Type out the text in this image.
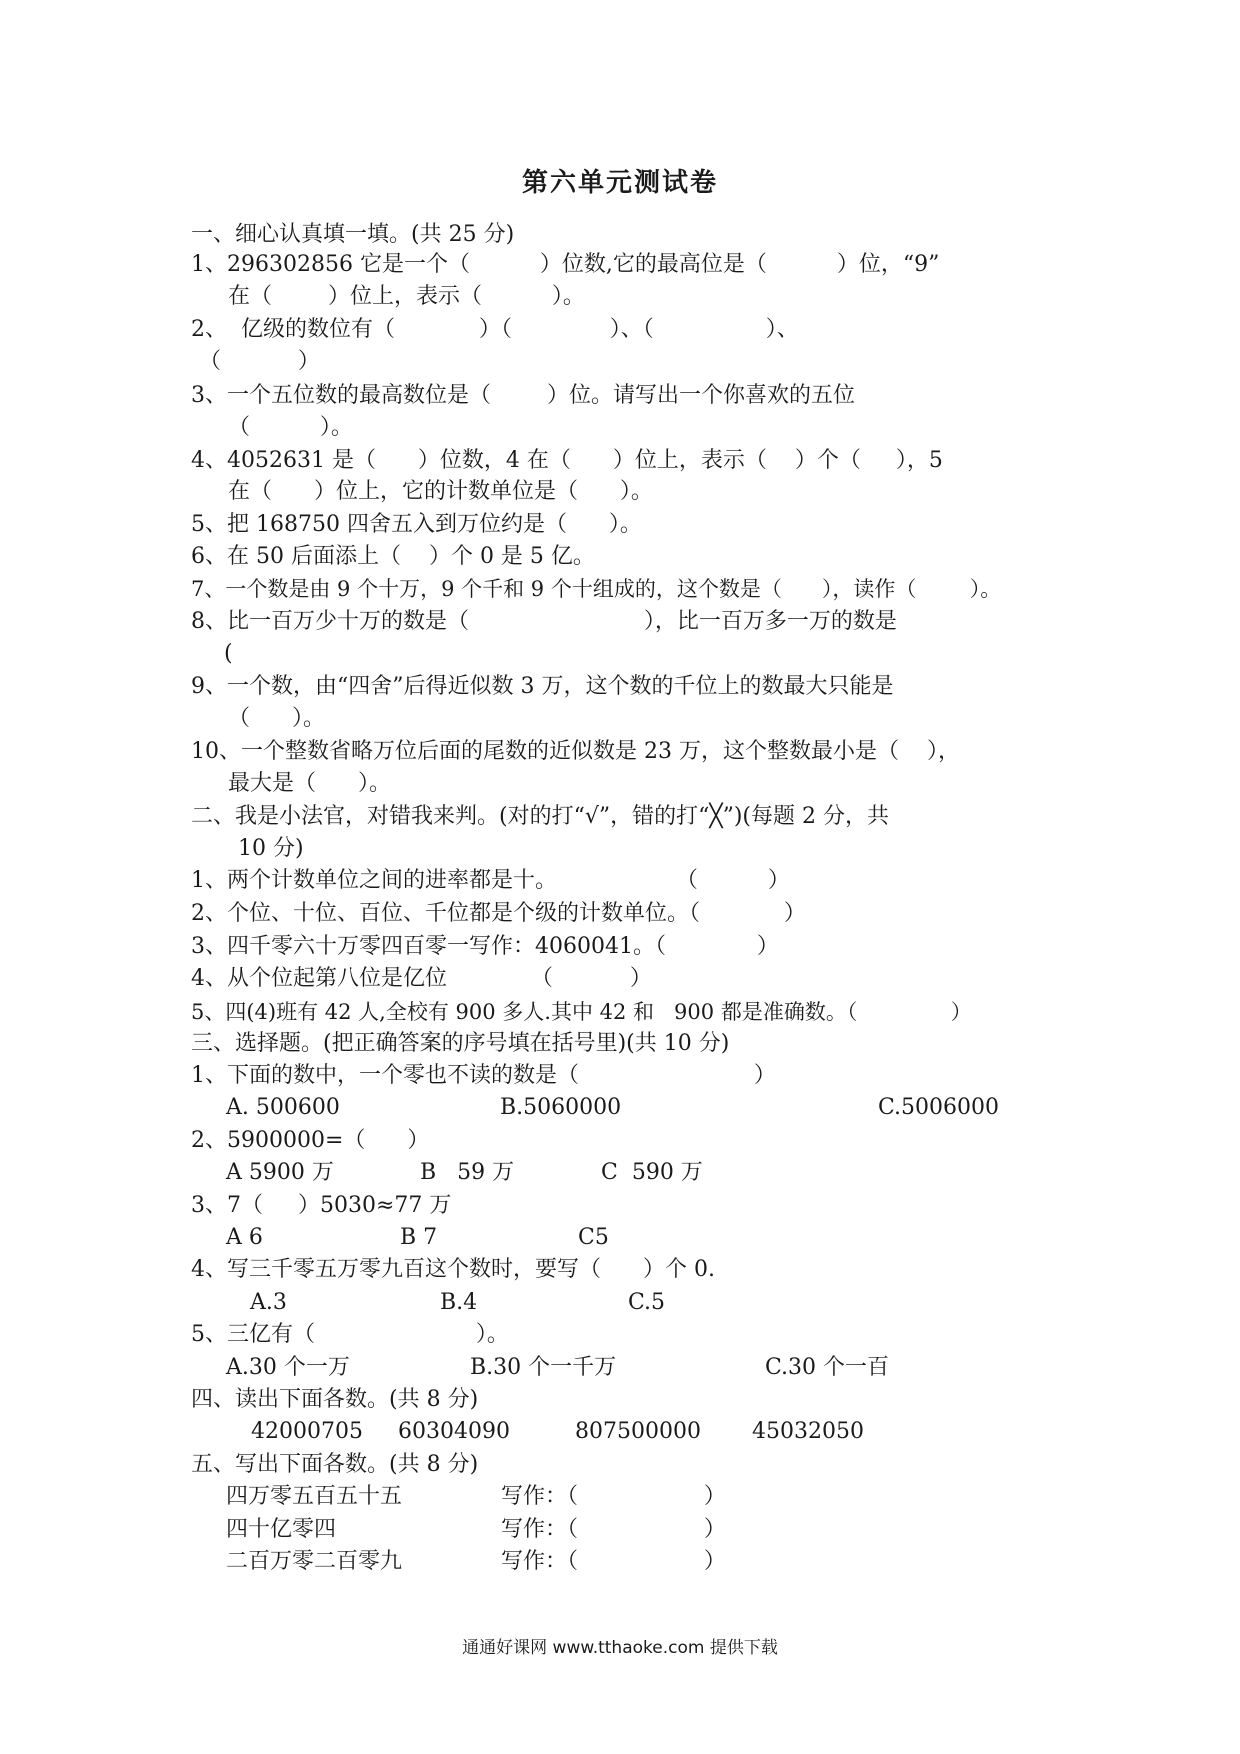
第六单元测试卷
一、细心认真填一填。(共 25 分)
1、296302856 它是一个（          ）位数,它的最高位是（          ）位，“9”
在（        ）位上，表示（          ）。
2、  亿级的数位有（            ）（              ）、（                ）、
（           ）
3、一个五位数的最高数位是（        ）位。请写出一个你喜欢的五位
（          ）。
4、4052631 是（      ）位数，4 在（      ）位上，表示（    ）个（     ），5
在（      ）位上，它的计数单位是（      ）。
5、把 168750 四舍五入到万位约是（      ）。
6、在 50 后面添上（    ）个 0 是 5 亿。
7、一个数是由 9 个十万，9 个千和 9 个十组成的，这个数是（      ），读作（        ）。
8、比一百万少十万的数是（                         ），比一百万多一万的数是
(
9、一个数，由“四舍”后得近似数 3 万，这个数的千位上的数最大只能是
（      ）。
10、一个整数省略万位后面的尾数的近似数是 23 万，这个整数最小是（    ），
最大是（      ）。
二、我是小法官，对错我来判。(对的打“√”，错的打“╳”)(每题 2 分，共
10 分)
1、两个计数单位之间的进率都是十。                 （          ）
2、个位、十位、百位、千位都是个级的计数单位。（            ）
3、四千零六十万零四百零一写作：4060041。（             ）
4、从个位起第八位是亿位            （           ）
5、四(4)班有 42 人,全校有 900 多人.其中 42 和   900 都是准确数。（              ）
三、选择题。(把正确答案的序号填在括号里)(共 10 分)
1、下面的数中，一个零也不读的数是（                         ）
A. 500600	B.5060000	C.5006000
2、5900000=（      ）
A 5900 万	B   59 万	C  590 万
3、7（     ）5030≈77 万
A 6	B 7	C5
4、写三千零五万零九百这个数时，要写（      ）个 0.
A.3	B.4	C.5
5、三亿有（                       ）。
A.30 个一万	B.30 个一千万	C.30 个一百
四、读出下面各数。(共 8 分)
42000705 60304090	807500000 45032050
五、写出下面各数。(共 8 分)
四万零五百五十五	写作：（                  ）
四十亿零四	写作：（                  ）
二百万零二百零九	写作：（                  ）
通通好课网 www.tthaoke.com 提供下载
